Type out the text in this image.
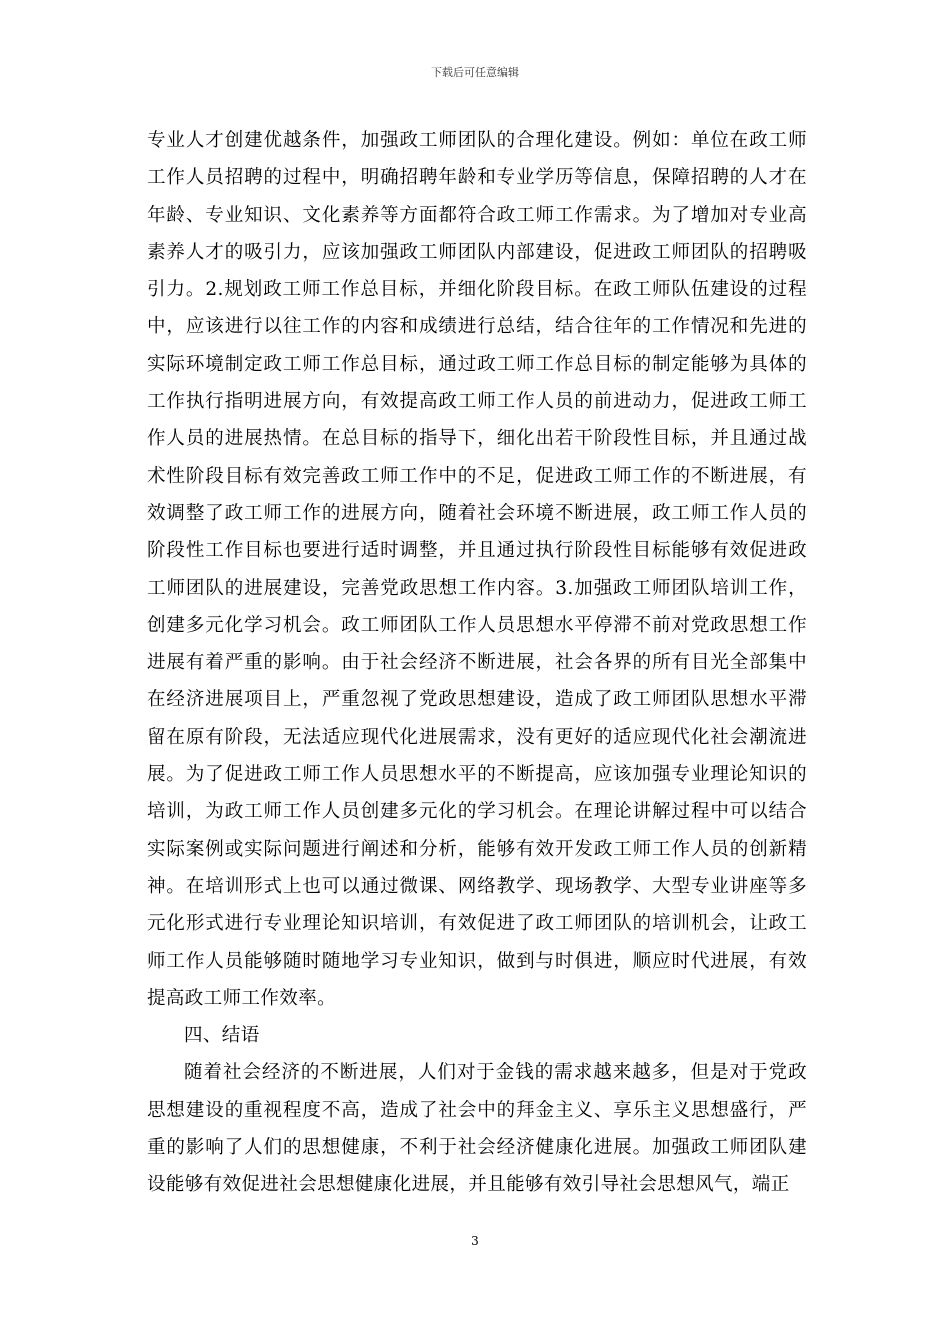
下载后可任意编辑

专业人才创建优越条件，加强政工师团队的合理化建设。例如：单位在政工师工作人员招聘的过程中，明确招聘年龄和专业学历等信息，保障招聘的人才在年龄、专业知识、文化素养等方面都符合政工师工作需求。为了增加对专业高素养人才的吸引力，应该加强政工师团队内部建设，促进政工师团队的招聘吸引力。2.规划政工师工作总目标，并细化阶段目标。在政工师队伍建设的过程中，应该进行以往工作的内容和成绩进行总结，结合往年的工作情况和先进的实际环境制定政工师工作总目标，通过政工师工作总目标的制定能够为具体的工作执行指明进展方向，有效提高政工师工作人员的前进动力，促进政工师工作人员的进展热情。在总目标的指导下，细化出若干阶段性目标，并且通过战术性阶段目标有效完善政工师工作中的不足，促进政工师工作的不断进展，有效调整了政工师工作的进展方向，随着社会环境不断进展，政工师工作人员的阶段性工作目标也要进行适时调整，并且通过执行阶段性目标能够有效促进政工师团队的进展建设，完善党政思想工作内容。3.加强政工师团队培训工作，创建多元化学习机会。政工师团队工作人员思想水平停滞不前对党政思想工作进展有着严重的影响。由于社会经济不断进展，社会各界的所有目光全部集中在经济进展项目上，严重忽视了党政思想建设，造成了政工师团队思想水平滞留在原有阶段，无法适应现代化进展需求，没有更好的适应现代化社会潮流进展。为了促进政工师工作人员思想水平的不断提高，应该加强专业理论知识的培训，为政工师工作人员创建多元化的学习机会。在理论讲解过程中可以结合实际案例或实际问题进行阐述和分析，能够有效开发政工师工作人员的创新精神。在培训形式上也可以通过微课、网络教学、现场教学、大型专业讲座等多元化形式进行专业理论知识培训，有效促进了政工师团队的培训机会，让政工师工作人员能够随时随地学习专业知识，做到与时俱进，顺应时代进展，有效提高政工师工作效率。

四、结语

随着社会经济的不断进展，人们对于金钱的需求越来越多，但是对于党政思想建设的重视程度不高，造成了社会中的拜金主义、享乐主义思想盛行，严重的影响了人们的思想健康，不利于社会经济健康化进展。加强政工师团队建设能够有效促进社会思想健康化进展，并且能够有效引导社会思想风气，端正

3
